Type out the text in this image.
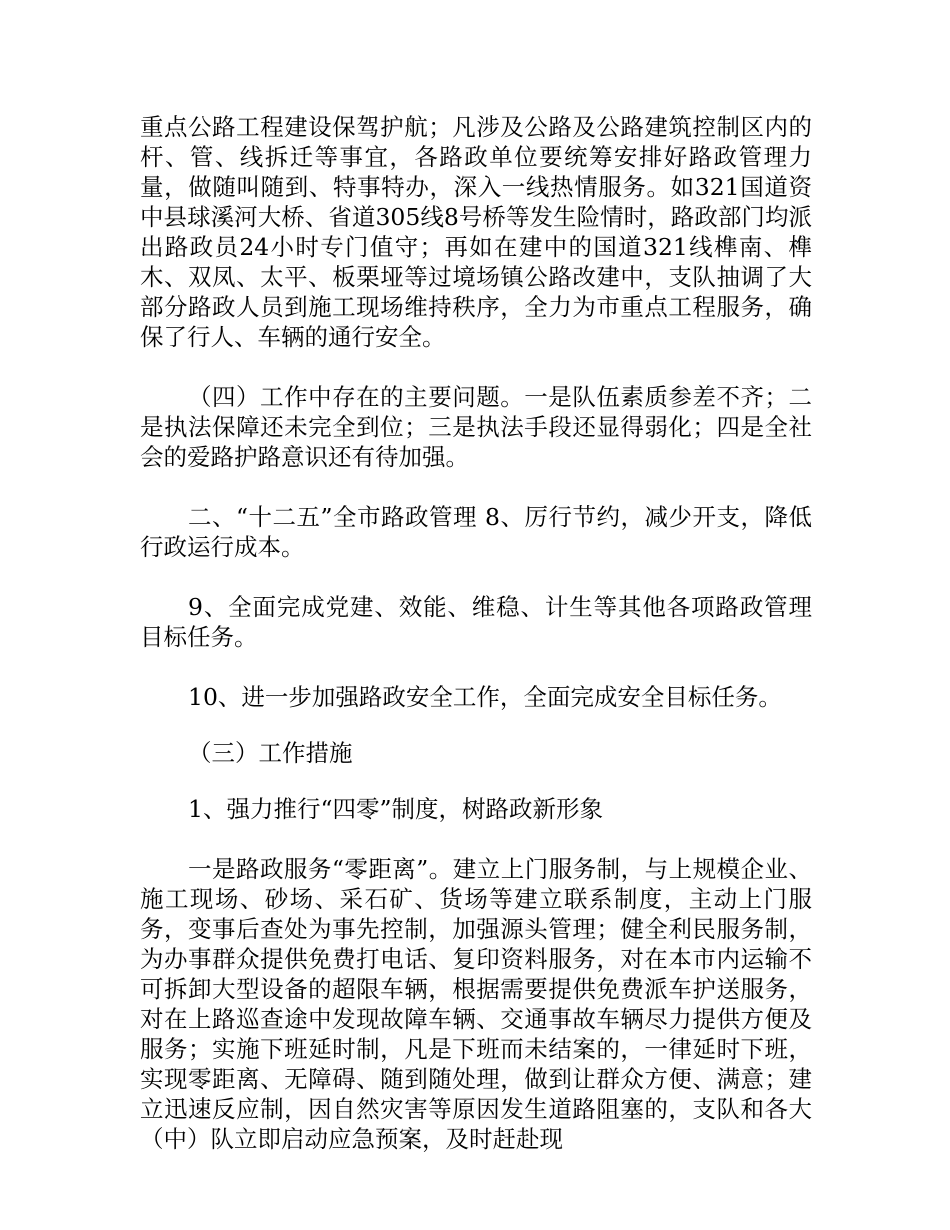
重点公路工程建设保驾护航；凡涉及公路及公路建筑控制区内的杆、管、线拆迁等事宜，各路政单位要统筹安排好路政管理力量，做随叫随到、特事特办，深入一线热情服务。如321国道资中县球溪河大桥、省道305线8号桥等发生险情时，路政部门均派出路政员24小时专门值守；再如在建中的国道321线榫南、榫木、双凤、太平、板栗垭等过境场镇公路改建中，支队抽调了大部分路政人员到施工现场维持秩序，全力为市重点工程服务，确保了行人、车辆的通行安全。

（四）工作中存在的主要问题。一是队伍素质参差不齐；二是执法保障还未完全到位；三是执法手段还显得弱化；四是全社会的爱路护路意识还有待加强。

二、“十二五”全市路政管理 8、厉行节约，减少开支，降低行政运行成本。

9、全面完成党建、效能、维稳、计生等其他各项路政管理目标任务。

10、进一步加强路政安全工作，全面完成安全目标任务。

（三）工作措施

1、强力推行“四零”制度，树路政新形象

一是路政服务“零距离”。建立上门服务制，与上规模企业、施工现场、砂场、采石矿、货场等建立联系制度，主动上门服务，变事后查处为事先控制，加强源头管理；健全利民服务制，为办事群众提供免费打电话、复印资料服务，对在本市内运输不可拆卸大型设备的超限车辆，根据需要提供免费派车护送服务，对在上路巡查途中发现故障车辆、交通事故车辆尽力提供方便及服务；实施下班延时制，凡是下班而未结案的，一律延时下班，实现零距离、无障碍、随到随处理，做到让群众方便、满意；建立迅速反应制，因自然灾害等原因发生道路阻塞的，支队和各大（中）队立即启动应急预案，及时赶赴现
